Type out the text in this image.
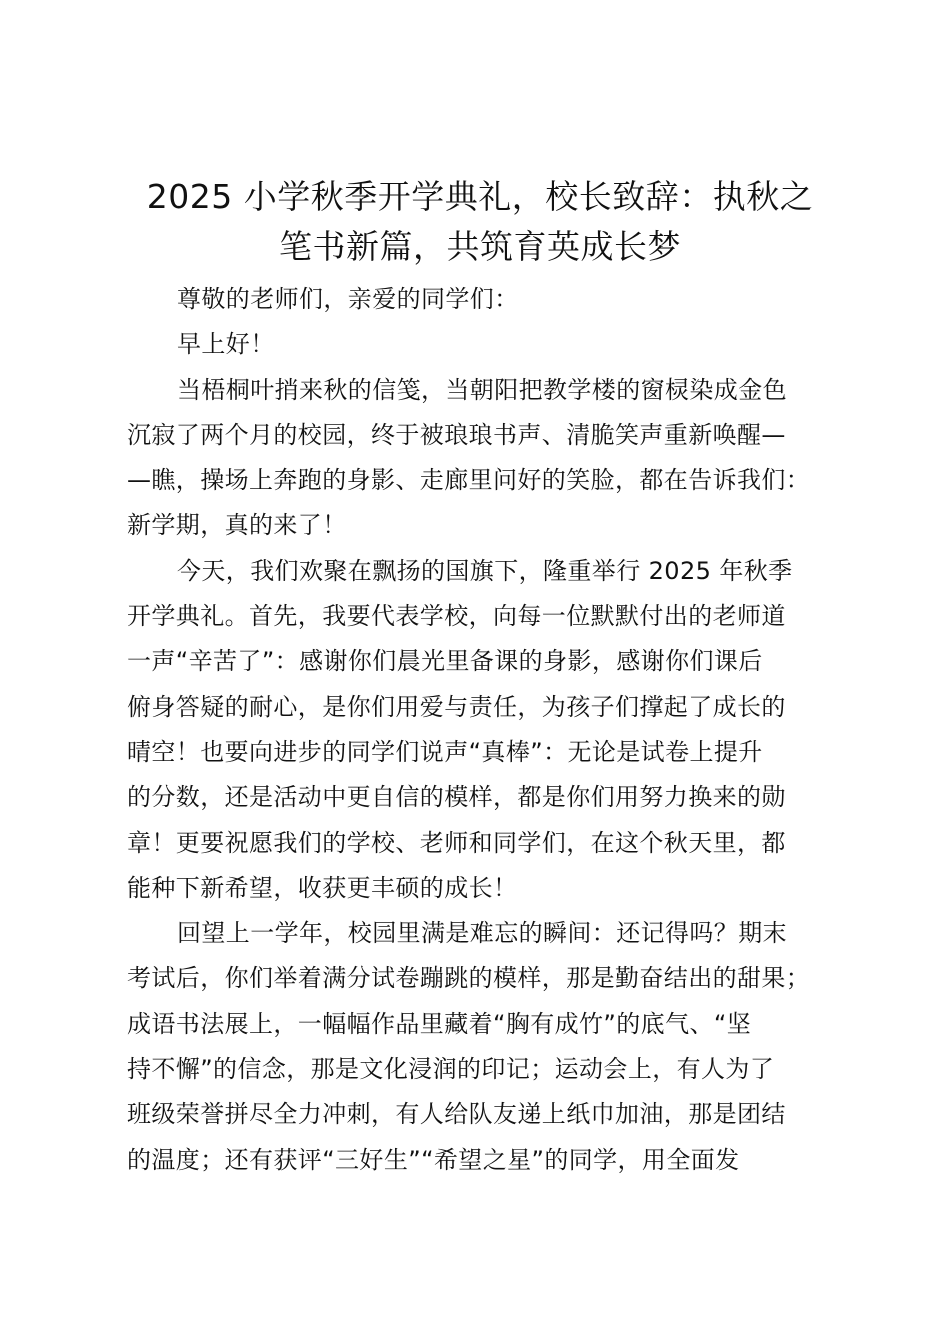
2025 小学秋季开学典礼，校长致辞：执秋之
笔书新篇，共筑育英成长梦

尊敬的老师们，亲爱的同学们：

早上好！

当梧桐叶捎来秋的信笺，当朝阳把教学楼的窗棂染成金色
沉寂了两个月的校园，终于被琅琅书声、清脆笑声重新唤醒—
—瞧，操场上奔跑的身影、走廊里问好的笑脸，都在告诉我们：
新学期，真的来了！

今天，我们欢聚在飘扬的国旗下，隆重举行 2025 年秋季
开学典礼。首先，我要代表学校，向每一位默默付出的老师道
一声“辛苦了”：感谢你们晨光里备课的身影，感谢你们课后
俯身答疑的耐心，是你们用爱与责任，为孩子们撑起了成长的
晴空！也要向进步的同学们说声“真棒”：无论是试卷上提升
的分数，还是活动中更自信的模样，都是你们用努力换来的勋
章！更要祝愿我们的学校、老师和同学们，在这个秋天里，都
能种下新希望，收获更丰硕的成长！

回望上一学年，校园里满是难忘的瞬间：还记得吗？期末
考试后，你们举着满分试卷蹦跳的模样，那是勤奋结出的甜果；
成语书法展上，一幅幅作品里藏着“胸有成竹”的底气、“坚
持不懈”的信念，那是文化浸润的印记；运动会上，有人为了
班级荣誉拼尽全力冲刺，有人给队友递上纸巾加油，那是团结
的温度；还有获评“三好生”“希望之星”的同学，用全面发
